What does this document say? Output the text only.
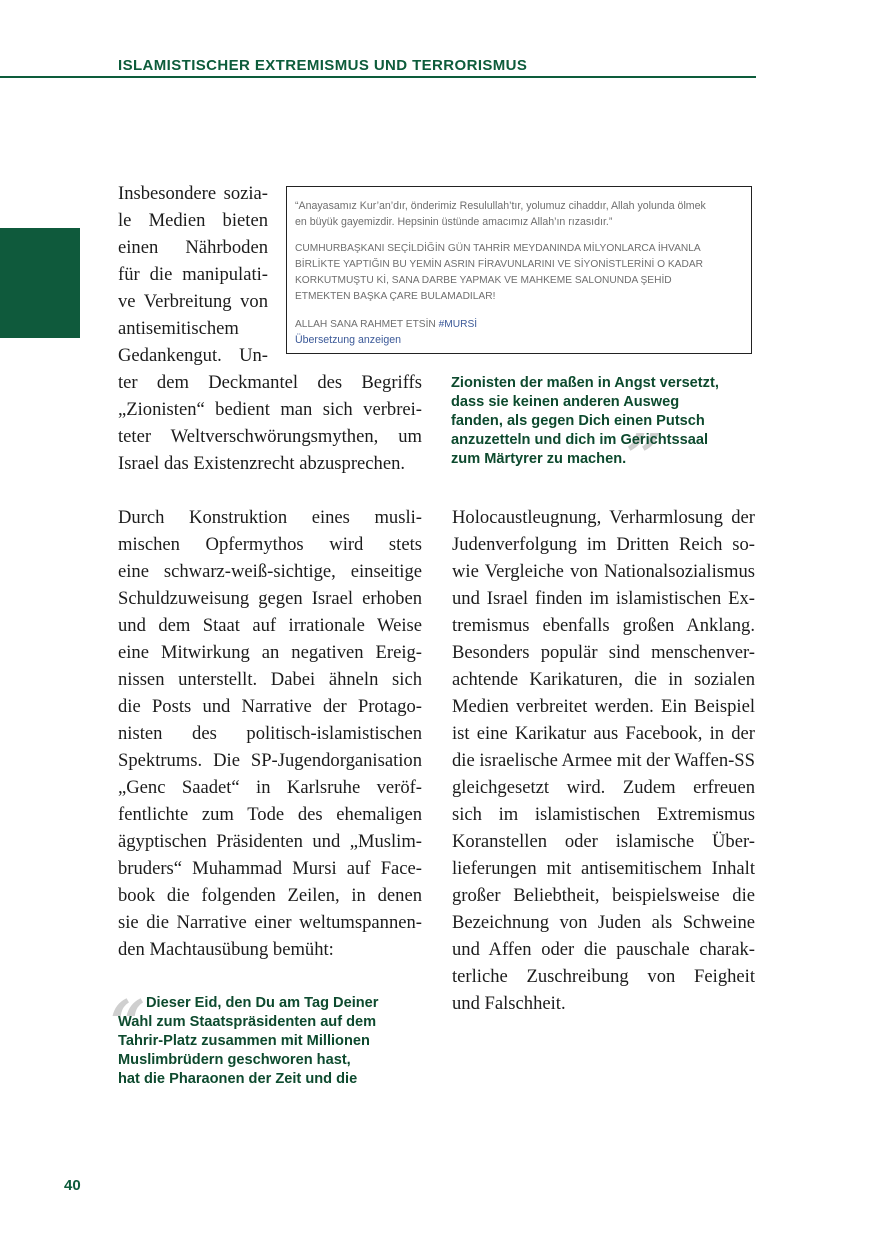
ISLAMISTISCHER EXTREMISMUS UND TERRORISMUS
Insbesondere sozia-
le Medien bieten
einen Nährboden
für die manipulati-
ve Verbreitung von
antisemitischem
Gedankengut. Un-
“Anayasamız Kur’an’dır, önderimiz Resulullah’tır, yolumuz cihaddır, Allah yolunda ölmek
en büyük gayemizdir. Hepsinin üstünde amacımız Allah’ın rızasıdır.”
CUMHURBAŞKANI SEÇİLDİĞİN GÜN TAHRİR MEYDANINDA MİLYONLARCA İHVANLA
BİRLİKTE YAPTIĞIN BU YEMİN ASRIN FİRAVUNLARINI VE SİYONİSTLERİNİ O KADAR
KORKUTMUŞTU Kİ, SANA DARBE YAPMAK VE MAHKEME SALONUNDA ŞEHİD
ETMEKTEN BAŞKA ÇARE BULAMADILAR!
ALLAH SANA RAHMET ETSİN #MURSİ
Übersetzung anzeigen
ter dem Deckmantel des Begriffs
„Zionisten“ bedient man sich verbrei-
teter Weltverschwörungsmythen, um
Israel das Existenzrecht abzusprechen.	”
Zionisten der maßen in Angst versetzt,
dass sie keinen anderen Ausweg
fanden, als gegen Dich einen Putsch
anzuzetteln und dich im Gerichtssaal
zum Märtyrer zu machen.
Durch Konstruktion eines musli-
mischen Opfermythos wird stets
eine schwarz-weiß-sichtige, einseitige
Schuldzuweisung gegen Israel erhoben
und dem Staat auf irrationale Weise
eine Mitwirkung an negativen Ereig-
nissen unterstellt. Dabei ähneln sich
die Posts und Narrative der Protago-
nisten des politisch-islamistischen
Spektrums. Die SP-Jugendorganisation
„Genc Saadet“ in Karlsruhe veröf-
fentlichte zum Tode des ehemaligen
ägyptischen Präsidenten und „Muslim-
bruders“ Muhammad Mursi auf Face-
book die folgenden Zeilen, in denen
sie die Narrative einer weltumspannen-
den Machtausübung bemüht:
Holocaustleugnung, Verharmlosung der
Judenverfolgung im Dritten Reich so-
wie Vergleiche von Nationalsozialismus
und Israel finden im islamistischen Ex-
tremismus ebenfalls großen Anklang.
Besonders populär sind menschenver-
achtende Karikaturen, die in sozialen
Medien verbreitet werden. Ein Beispiel
ist eine Karikatur aus Facebook, in der
die israelische Armee mit der Waffen-SS
gleichgesetzt wird. Zudem erfreuen
sich im islamistischen Extremismus
Koranstellen oder islamische Über-
lieferungen mit antisemitischem Inhalt
großer Beliebtheit, beispielsweise die
Bezeichnung von Juden als Schweine
und Affen oder die pauschale charak-
terliche Zuschreibung von Feigheit
und Falschheit.
“ Dieser Eid, den Du am Tag Deiner
Wahl zum Staatspräsidenten auf dem
Tahrir-Platz zusammen mit Millionen
Muslimbrüdern geschworen hast,
hat die Pharaonen der Zeit und die

40
